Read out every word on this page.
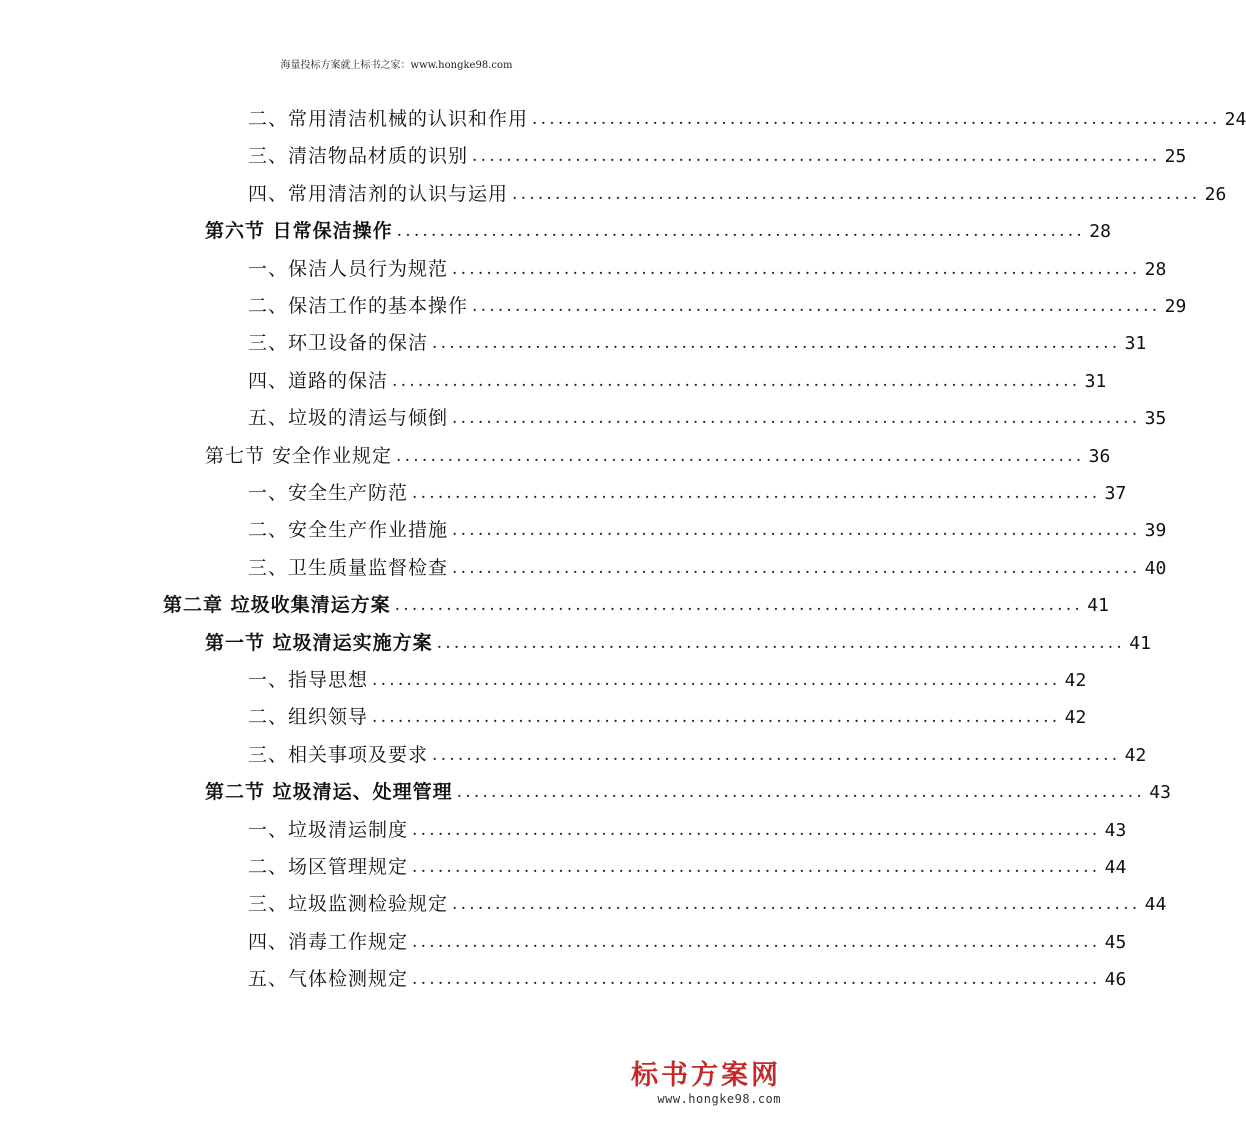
海量投标方案就上标书之家：www.hongke98.com
二、常用清洁机械的认识和作用 ................................................................................ 24
三、清洁物品材质的识别 ................................................................................ 25
四、常用清洁剂的认识与运用 ................................................................................ 26
第六节 日常保洁操作 ................................................................................ 28
一、保洁人员行为规范 ................................................................................ 28
二、保洁工作的基本操作 ................................................................................ 29
三、环卫设备的保洁 ................................................................................ 31
四、道路的保洁 ................................................................................ 31
五、垃圾的清运与倾倒 ................................................................................ 35
第七节 安全作业规定 ................................................................................ 36
一、安全生产防范 ................................................................................ 37
二、安全生产作业措施 ................................................................................ 39
三、卫生质量监督检查 ................................................................................ 40
第二章 垃圾收集清运方案 ................................................................................ 41
第一节 垃圾清运实施方案 ................................................................................ 41
一、指导思想 ................................................................................ 42
二、组织领导 ................................................................................ 42
三、相关事项及要求 ................................................................................ 42
第二节 垃圾清运、处理管理 ................................................................................ 43
一、垃圾清运制度 ................................................................................ 43
二、场区管理规定 ................................................................................ 44
三、垃圾监测检验规定 ................................................................................ 44
四、消毒工作规定 ................................................................................ 45
五、气体检测规定 ................................................................................ 46
标书方案网
www.hongke98.com
